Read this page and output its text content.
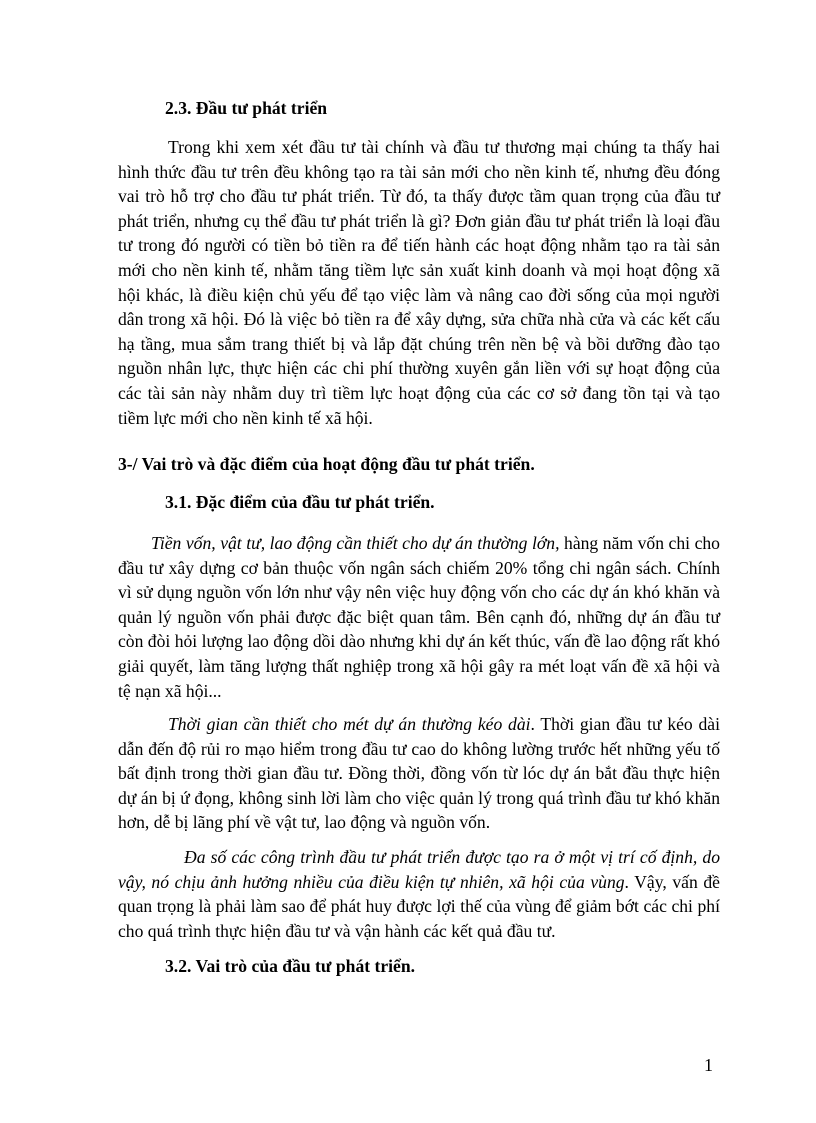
2.3. Đầu tư phát triển

Trong khi xem xét đầu tư tài chính và đầu tư thương mại chúng ta thấy hai hình thức đầu tư trên đều không tạo ra tài sản mới cho nền kinh tế, nhưng đều đóng vai trò hỗ trợ cho đầu tư phát triển. Từ đó, ta thấy được tầm quan trọng của đầu tư phát triển, nhưng cụ thể đầu tư phát triển là gì? Đơn giản đầu tư phát triển là loại đầu tư trong đó người có tiền bỏ tiền ra để tiến hành các hoạt động nhằm tạo ra tài sản mới cho nền kinh tế, nhằm tăng tiềm lực sản xuất kinh doanh và mọi hoạt động xã hội khác, là điều kiện chủ yếu để tạo việc làm và nâng cao đời sống của mọi người dân trong xã hội. Đó là việc bỏ tiền ra để xây dựng, sửa chữa nhà cửa và các kết cấu hạ tầng, mua sắm trang thiết bị và lắp đặt chúng trên nền bệ và bồi dưỡng đào tạo nguồn nhân lực, thực hiện các chi phí thường xuyên gắn liền với sự hoạt động của các tài sản này nhằm duy trì tiềm lực hoạt động của các cơ sở đang tồn tại và tạo tiềm lực mới cho nền kinh tế xã hội.

3-/ Vai trò và đặc điểm của hoạt động đầu tư phát triển.
3.1. Đặc điểm của đầu tư phát triển.

Tiền vốn, vật tư, lao động cần thiết cho dự án thường lớn, hàng năm vốn chi cho đầu tư xây dựng cơ bản thuộc vốn ngân sách chiếm 20% tổng chi ngân sách. Chính vì sử dụng nguồn vốn lớn như vậy nên việc huy động vốn cho các dự án khó khăn và quản lý nguồn vốn phải được đặc biệt quan tâm. Bên cạnh đó, những dự án đầu tư còn đòi hỏi lượng lao động dồi dào nhưng khi dự án kết thúc, vấn đề lao động rất khó giải quyết, làm tăng lượng thất nghiệp trong xã hội gây ra mét loạt vấn đề xã hội và tệ nạn xã hội...

Thời gian cần thiết cho mét dự án thường kéo dài. Thời gian đầu tư kéo dài dẫn đến độ rủi ro mạo hiểm trong đầu tư cao do không lường trước hết những yếu tố bất định trong thời gian đầu tư. Đồng thời, đồng vốn từ lóc dự án bắt đầu thực hiện dự án bị ứ đọng, không sinh lời làm cho việc quản lý trong quá trình đầu tư khó khăn hơn, dễ bị lãng phí về vật tư, lao động và nguồn vốn.

Đa số các công trình đầu tư phát triển được tạo ra ở một vị trí cố định, do vậy, nó chịu ảnh hưởng nhiều của điều kiện tự nhiên, xã hội của vùng. Vậy, vấn đề quan trọng là phải làm sao để phát huy được lợi thế của vùng để giảm bớt các chi phí cho quá trình thực hiện đầu tư và vận hành các kết quả đầu tư.

3.2. Vai trò của đầu tư phát triển.
1
